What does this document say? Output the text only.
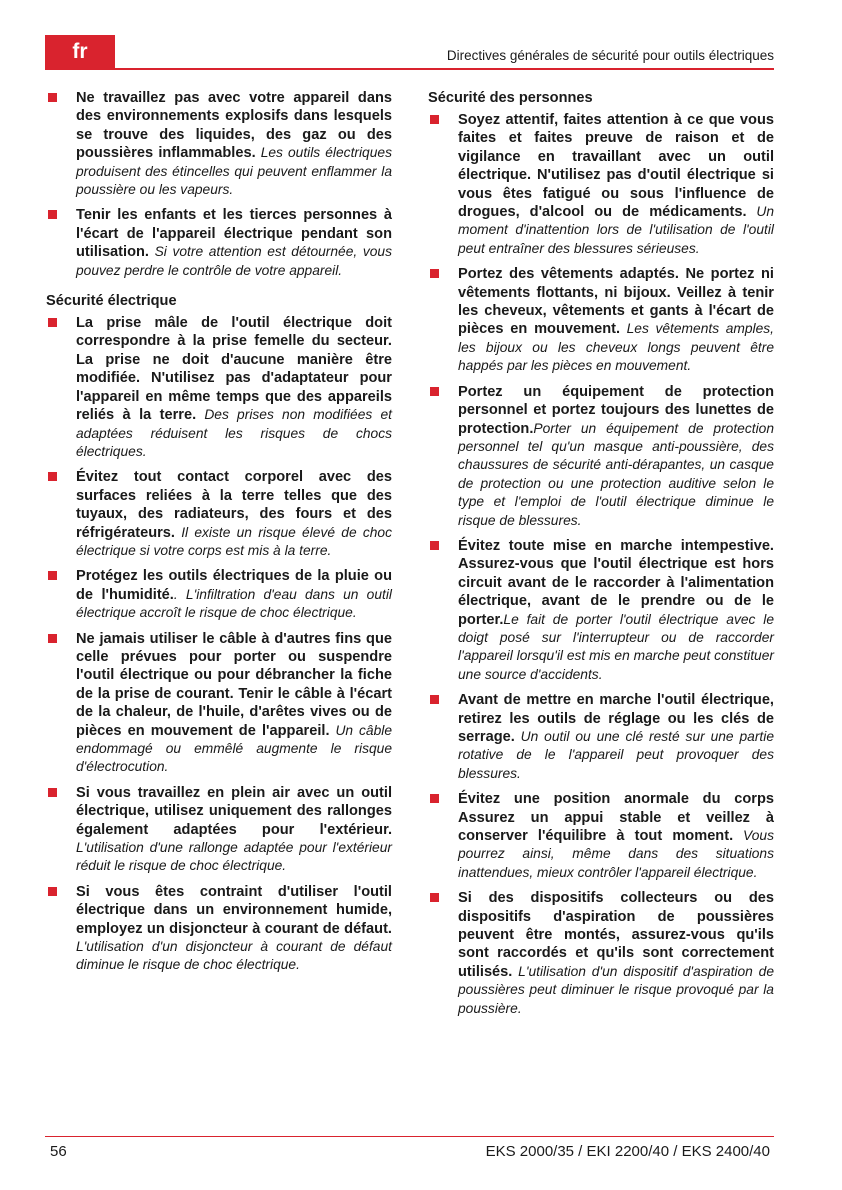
fr	Directives générales de sécurité pour outils électriques
Ne travaillez pas avec votre appareil dans des environnements explosifs dans lesquels se trouve des liquides, des gaz ou des poussières inflammables. Les outils électriques produisent des étincelles qui peuvent enflammer la poussière ou les vapeurs.
Tenir les enfants et les tierces personnes à l'écart de l'appareil électrique pendant son utilisation. Si votre attention est détournée, vous pouvez perdre le contrôle de votre appareil.
Sécurité électrique
La prise mâle de l'outil électrique doit correspondre à la prise femelle du secteur. La prise ne doit d'aucune manière être modifiée. N'utilisez pas d'adaptateur pour l'appareil en même temps que des appareils reliés à la terre. Des prises non modifiées et adaptées réduisent les risques de chocs électriques.
Évitez tout contact corporel avec des surfaces reliées à la terre telles que des tuyaux, des radiateurs, des fours et des réfrigérateurs. Il existe un risque élevé de choc électrique si votre corps est mis à la terre.
Protégez les outils électriques de la pluie ou de l'humidité.. L'infiltration d'eau dans un outil électrique accroît le risque de choc électrique.
Ne jamais utiliser le câble à d'autres fins que celle prévues pour porter ou suspendre l'outil électrique ou pour débrancher la fiche de la prise de courant. Tenir le câble à l'écart de la chaleur, de l'huile, d'arêtes vives ou de pièces en mouvement de l'appareil. Un câble endommagé ou emmêlé augmente le risque d'électrocution.
Si vous travaillez en plein air avec un outil électrique, utilisez uniquement des rallonges également adaptées pour l'extérieur. L'utilisation d'une rallonge adaptée pour l'extérieur réduit le risque de choc électrique.
Si vous êtes contraint d'utiliser l'outil électrique dans un environnement humide, employez un disjoncteur à courant de défaut. L'utilisation d'un disjoncteur à courant de défaut diminue le risque de choc électrique.
Sécurité des personnes
Soyez attentif, faites attention à ce que vous faites et faites preuve de raison et de vigilance en travaillant avec un outil électrique. N'utilisez pas d'outil électrique si vous êtes fatigué ou sous l'influence de drogues, d'alcool ou de médicaments. Un moment d'inattention lors de l'utilisation de l'outil peut entraîner des blessures sérieuses.
Portez des vêtements adaptés. Ne portez ni vêtements flottants, ni bijoux. Veillez à tenir les cheveux, vêtements et gants à l'écart de pièces en mouvement. Les vêtements amples, les bijoux ou les cheveux longs peuvent être happés par les pièces en mouvement.
Portez un équipement de protection personnel et portez toujours des lunettes de protection.Porter un équipement de protection personnel tel qu'un masque anti-poussière, des chaussures de sécurité anti-dérapantes, un casque de protection ou une protection auditive selon le type et l'emploi de l'outil électrique diminue le risque de blessures.
Évitez toute mise en marche intempestive. Assurez-vous que l'outil électrique est hors circuit avant de le raccorder à l'alimentation électrique, avant de le prendre ou de le porter.Le fait de porter l'outil électrique avec le doigt posé sur l'interrupteur ou de raccorder l'appareil lorsqu'il est mis en marche peut constituer une source d'accidents.
Avant de mettre en marche l'outil électrique, retirez les outils de réglage ou les clés de serrage. Un outil ou une clé resté sur une partie rotative de le l'appareil peut provoquer des blessures.
Évitez une position anormale du corps Assurez un appui stable et veillez à conserver l'équilibre à tout moment. Vous pourrez ainsi, même dans des situations inattendues, mieux contrôler l'appareil électrique.
Si des dispositifs collecteurs ou des dispositifs d'aspiration de poussières peuvent être montés, assurez-vous qu'ils sont raccordés et qu'ils sont correctement utilisés. L'utilisation d'un dispositif d'aspiration de poussières peut diminuer le risque provoqué par la poussière.
56	EKS 2000/35 / EKI 2200/40 / EKS 2400/40
